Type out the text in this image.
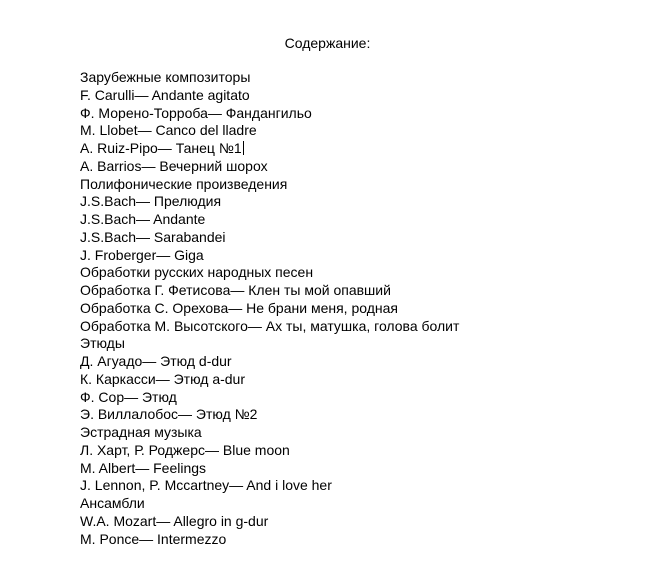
Содержание:
Зарубежные композиторы
F. Carulli— Andante agitato
Ф. Морено-Торроба— Фандангильо
M. Llobet— Canco del lladre
A. Ruiz-Pipo— Танец №1
A. Barrios— Вечерний шорох
Полифонические произведения
J.S.Bach— Прелюдия
J.S.Bach— Andante
J.S.Bach— Sarabandei
J. Froberger— Giga
Обработки русских народных песен
Обработка Г. Фетисова— Клен ты мой опавший
Обработка С. Орехова— Не брани меня, родная
Обработка М. Высотского— Ах ты, матушка, голова болит
Этюды
Д. Агуадо— Этюд d-dur
К. Каркасси— Этюд a-dur
Ф. Сор— Этюд
Э. Виллалобос— Этюд №2
Эстрадная музыка
Л. Харт, Р. Роджерс— Blue moon
M. Albert— Feelings
J. Lennon, P. Mccartney— And i love her
Ансамбли
W.A. Mozart— Allegro in g-dur
M. Ponce— Intermezzo
